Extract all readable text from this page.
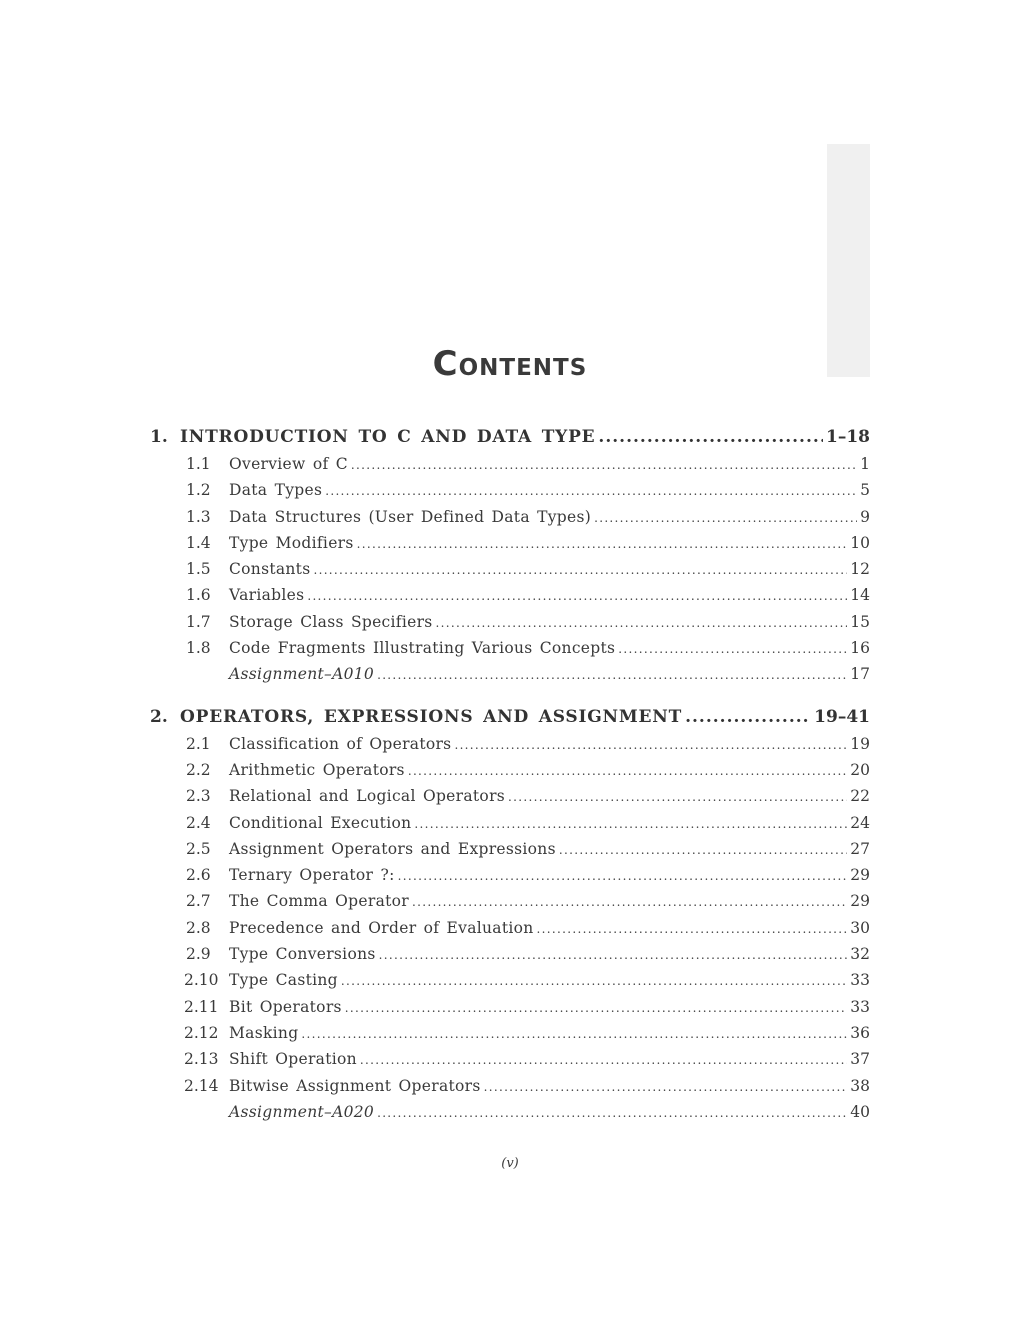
CONTENTS
1. INTRODUCTION TO C AND DATA TYPE .....	1–18
1.1	Overview of C .....	1
1.2	Data Types .....	5
1.3	Data Structures (User Defined Data Types) .....	9
1.4	Type Modifiers .....	10
1.5	Constants .....	12
1.6	Variables .....	14
1.7	Storage Class Specifiers .....	15
1.8	Code Fragments Illustrating Various Concepts .....	16
Assignment–A010 .....	17
2. OPERATORS, EXPRESSIONS AND ASSIGNMENT .....	19–41
2.1	Classification of Operators .....	19
2.2	Arithmetic Operators .....	20
2.3	Relational and Logical Operators .....	22
2.4	Conditional Execution .....	24
2.5	Assignment Operators and Expressions .....	27
2.6	Ternary Operator ?: .....	29
2.7	The Comma Operator .....	29
2.8	Precedence and Order of Evaluation .....	30
2.9	Type Conversions .....	32
2.10 Type Casting .....	33
2.11 Bit Operators .....	33
2.12 Masking .....	36
2.13 Shift Operation .....	37
2.14 Bitwise Assignment Operators .....	38
Assignment–A020 .....	40
(v)
